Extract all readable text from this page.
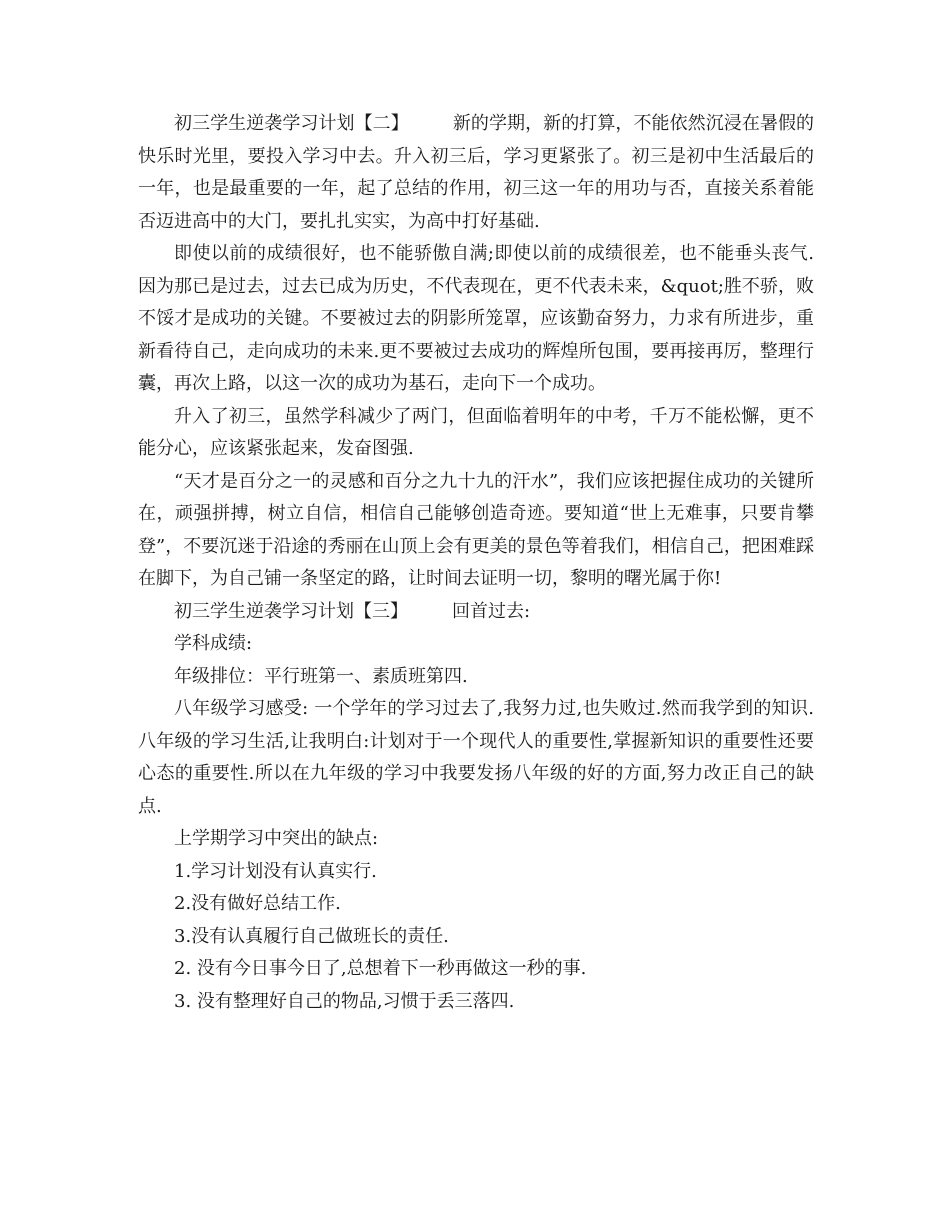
初三学生逆袭学习计划【二】 新的学期，新的打算，不能依然沉浸在暑假的快乐时光里，要投入学习中去。升入初三后，学习更紧张了。初三是初中生活最后的一年，也是最重要的一年，起了总结的作用，初三这一年的用功与否，直接关系着能否迈进高中的大门，要扎扎实实，为高中打好基础.

即使以前的成绩很好，也不能骄傲自满;即使以前的成绩很差，也不能垂头丧气.因为那已是过去，过去已成为历史，不代表现在，更不代表未来，&quot;胜不骄，败不馁才是成功的关键。不要被过去的阴影所笼罩，应该勤奋努力，力求有所进步，重新看待自己，走向成功的未来.更不要被过去成功的辉煌所包围，要再接再厉，整理行囊，再次上路，以这一次的成功为基石，走向下一个成功。

升入了初三，虽然学科减少了两门，但面临着明年的中考，千万不能松懈，更不能分心，应该紧张起来，发奋图强.

“天才是百分之一的灵感和百分之九十九的汗水”，我们应该把握住成功的关键所在，顽强拼搏，树立自信，相信自己能够创造奇迹。要知道“世上无难事，只要肯攀登”，不要沉迷于沿途的秀丽在山顶上会有更美的景色等着我们，相信自己，把困难踩在脚下，为自己铺一条坚定的路，让时间去证明一切，黎明的曙光属于你!

初三学生逆袭学习计划【三】 回首过去:

学科成绩:

年级排位：平行班第一、素质班第四.

八年级学习感受: 一个学年的学习过去了,我努力过,也失败过.然而我学到的知识.八年级的学习生活,让我明白:计划对于一个现代人的重要性,掌握新知识的重要性还要心态的重要性.所以在九年级的学习中我要发扬八年级的好的方面,努力改正自己的缺点.

上学期学习中突出的缺点:

1.学习计划没有认真实行.

2.没有做好总结工作.

3.没有认真履行自己做班长的责任.

2. 没有今日事今日了,总想着下一秒再做这一秒的事.

3. 没有整理好自己的物品,习惯于丢三落四.
